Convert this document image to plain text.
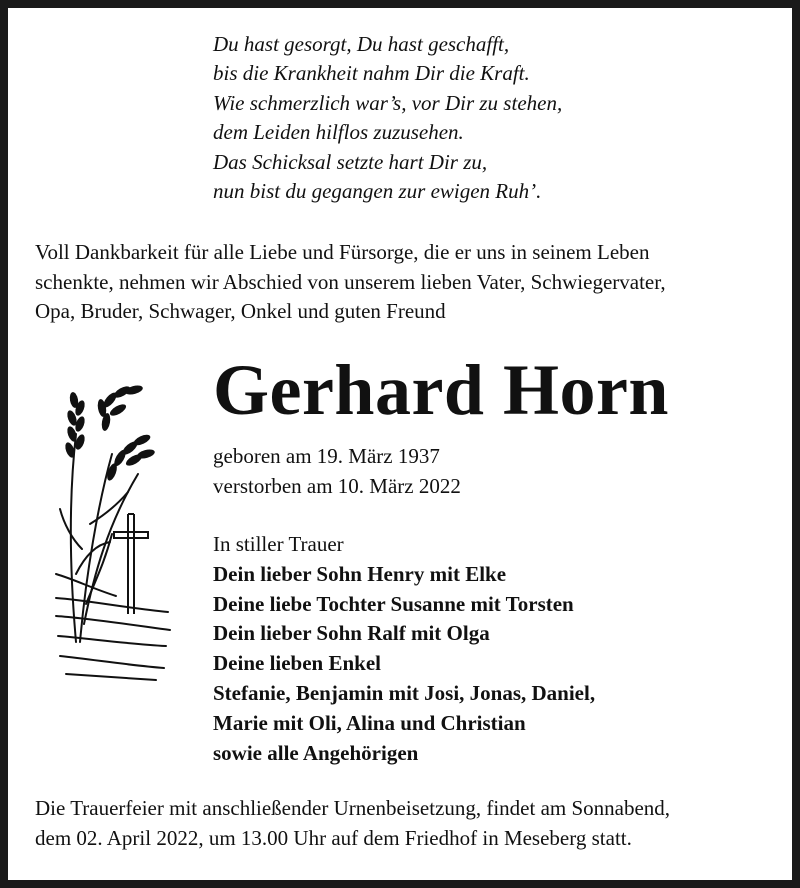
Du hast gesorgt, Du hast geschafft,
bis die Krankheit nahm Dir die Kraft.
Wie schmerzlich war’s, vor Dir zu stehen,
dem Leiden hilflos zuzusehen.
Das Schicksal setzte hart Dir zu,
nun bist du gegangen zur ewigen Ruh’.
Voll Dankbarkeit für alle Liebe und Fürsorge, die er uns in seinem Leben
schenkte, nehmen wir Abschied von unserem lieben Vater, Schwiegervater,
Opa, Bruder, Schwager, Onkel und guten Freund
Gerhard Horn
geboren am 19. März 1937
verstorben am 10. März 2022
In stiller Trauer
Dein lieber Sohn Henry mit Elke
Deine liebe Tochter Susanne mit Torsten
Dein lieber Sohn Ralf mit Olga
Deine lieben Enkel
Stefanie, Benjamin mit Josi, Jonas, Daniel,
Marie mit Oli, Alina und Christian
sowie alle Angehörigen
Die Trauerfeier mit anschließender Urnenbeisetzung, findet am Sonnabend,
dem 02. April 2022, um 13.00 Uhr auf dem Friedhof in Meseberg statt.
